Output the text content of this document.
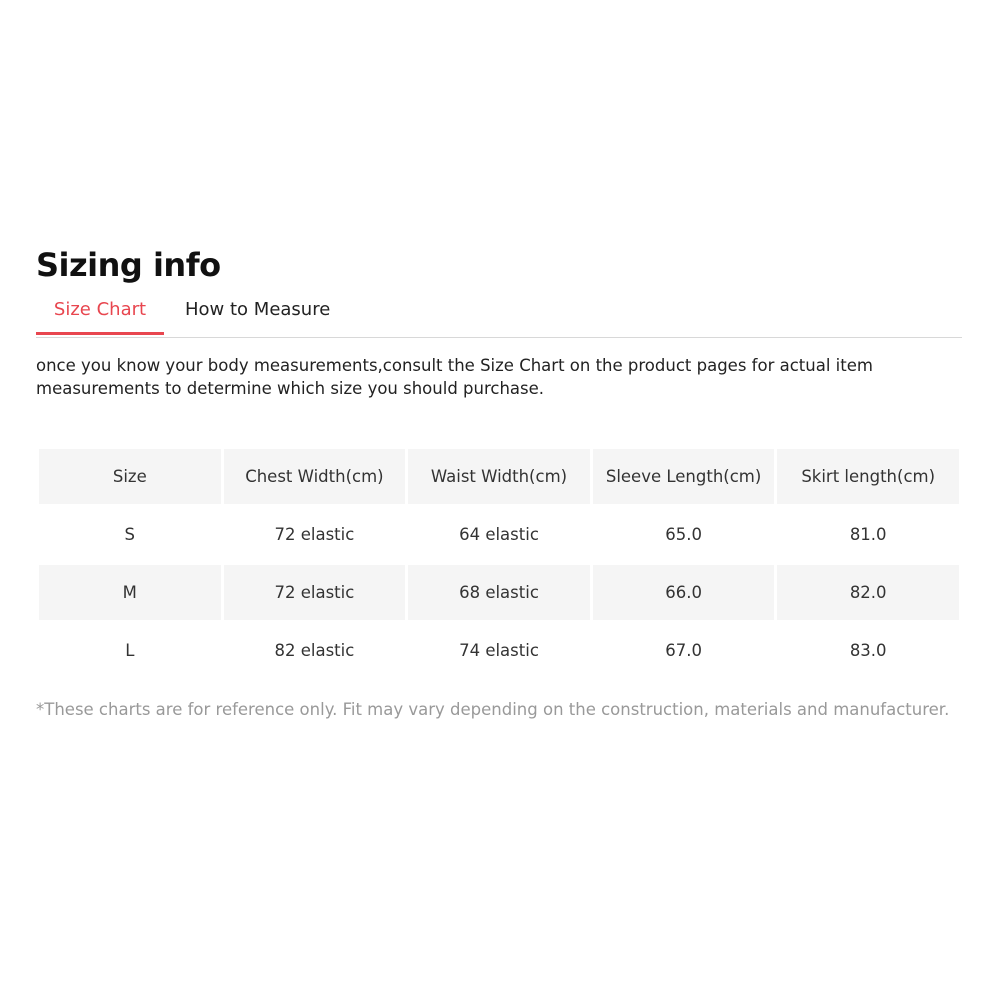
Sizing info
Size Chart	How to Measure

once you know your body measurements,consult the Size Chart on the product pages for actual item
measurements to determine which size you should purchase.

Size	Chest Width(cm)	Waist Width(cm)	Sleeve Length(cm)	Skirt length(cm)
S	72 elastic	64 elastic	65.0	81.0
M	72 elastic	68 elastic	66.0	82.0
L	82 elastic	74 elastic	67.0	83.0

*These charts are for reference only. Fit may vary depending on the construction, materials and manufacturer.
